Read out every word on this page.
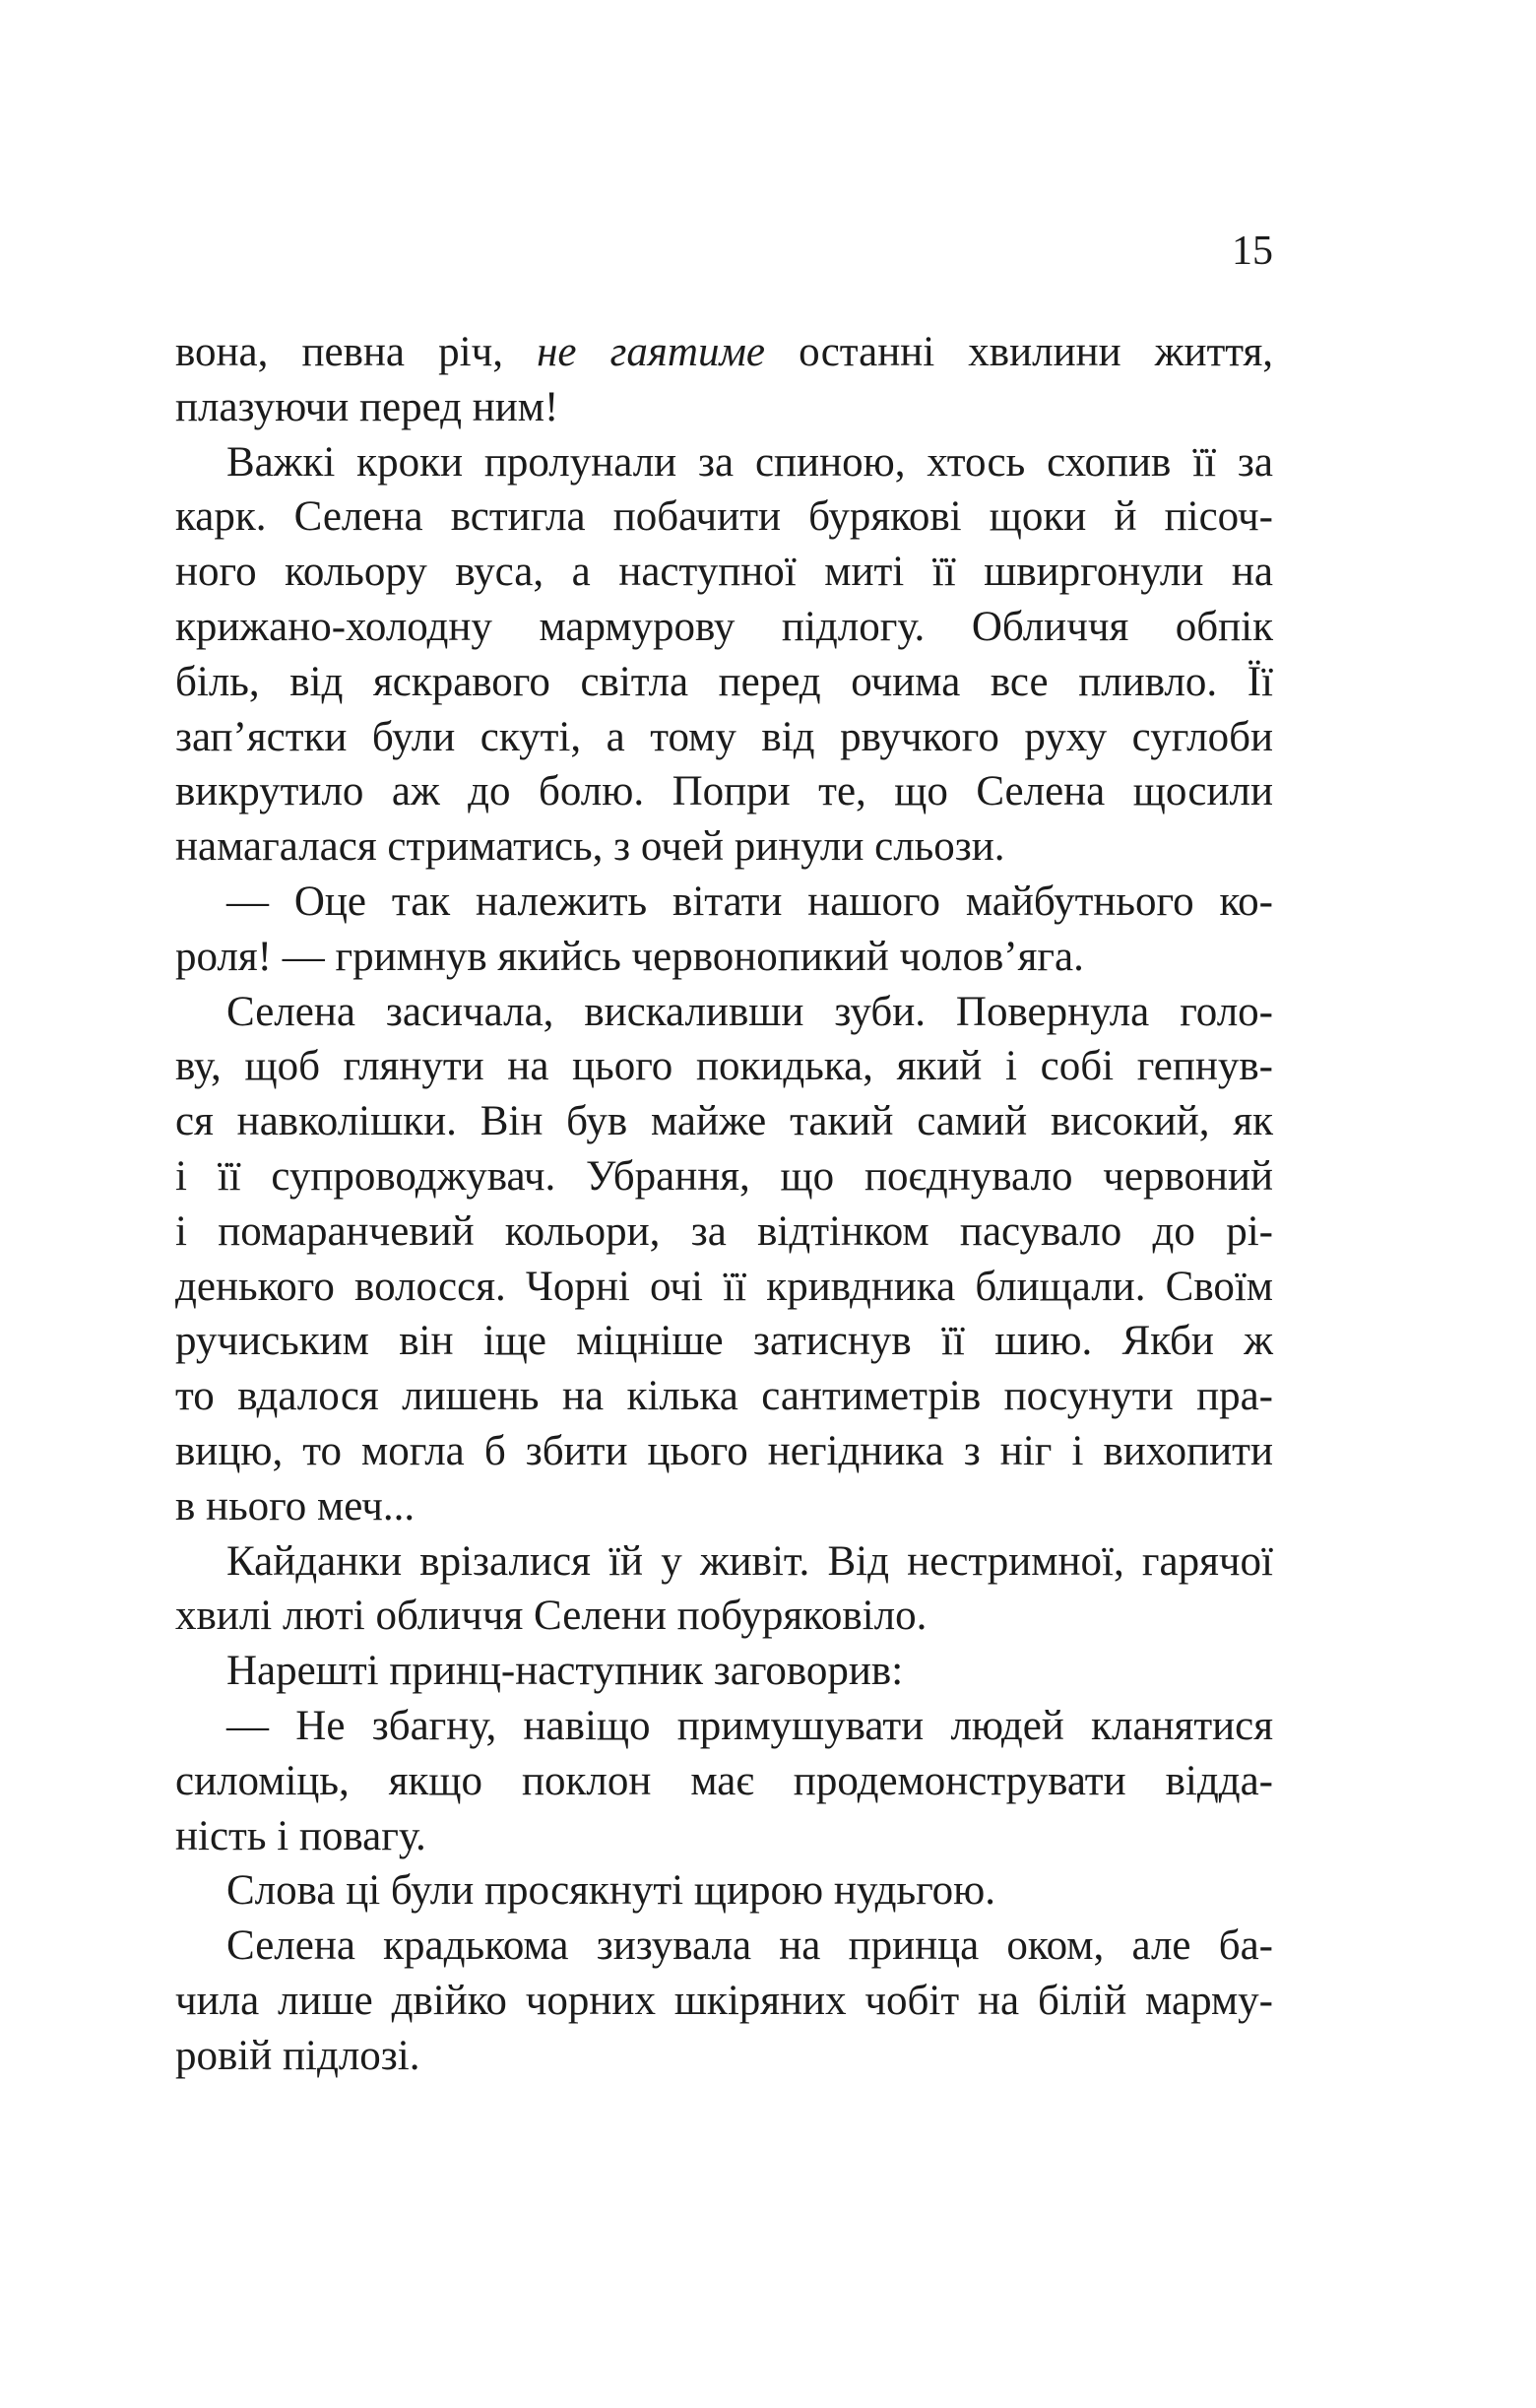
15
вона, певна річ, не гаятиме останні хвилини життя,
плазуючи перед ним!
Важкі кроки пролунали за спиною, хтось схопив її за
карк. Селена встигла побачити бурякові щоки й пісоч-
ного кольору вуса, а наступної миті її швиргонули на
крижано-холодну мармурову підлогу. Обличчя обпік
біль, від яскравого світла перед очима все пливло. Її
зап’ястки були скуті, а тому від рвучкого руху суглоби
викрутило аж до болю. Попри те, що Селена щосили
намагалася стриматись, з очей ринули сльози.
— Оце так належить вітати нашого майбутнього ко-
роля! — гримнув якийсь червонопикий чолов’яга.
Селена засичала, вискаливши зуби. Повернула голо-
ву, щоб глянути на цього покидька, який і собі гепнув-
ся навколішки. Він був майже такий самий високий, як
і її супроводжувач. Убрання, що поєднувало червоний
і помаранчевий кольори, за відтінком пасувало до рі-
денького волосся. Чорні очі її кривдника блищали. Своїм
ручиським він іще міцніше затиснув її шию. Якби ж
то вдалося лишень на кілька сантиметрів посунути пра-
вицю, то могла б збити цього негідника з ніг і вихопити
в нього меч...
Кайданки врізалися їй у живіт. Від нестримної, гарячої
хвилі люті обличчя Селени побуряковіло.
Нарешті принц-наступник заговорив:
— Не збагну, навіщо примушувати людей кланятися
силоміць, якщо поклон має продемонструвати відда-
ність і повагу.
Слова ці були просякнуті щирою нудьгою.
Селена крадькома зизувала на принца оком, але ба-
чила лише двійко чорних шкіряних чобіт на білій марму-
ровій підлозі.
